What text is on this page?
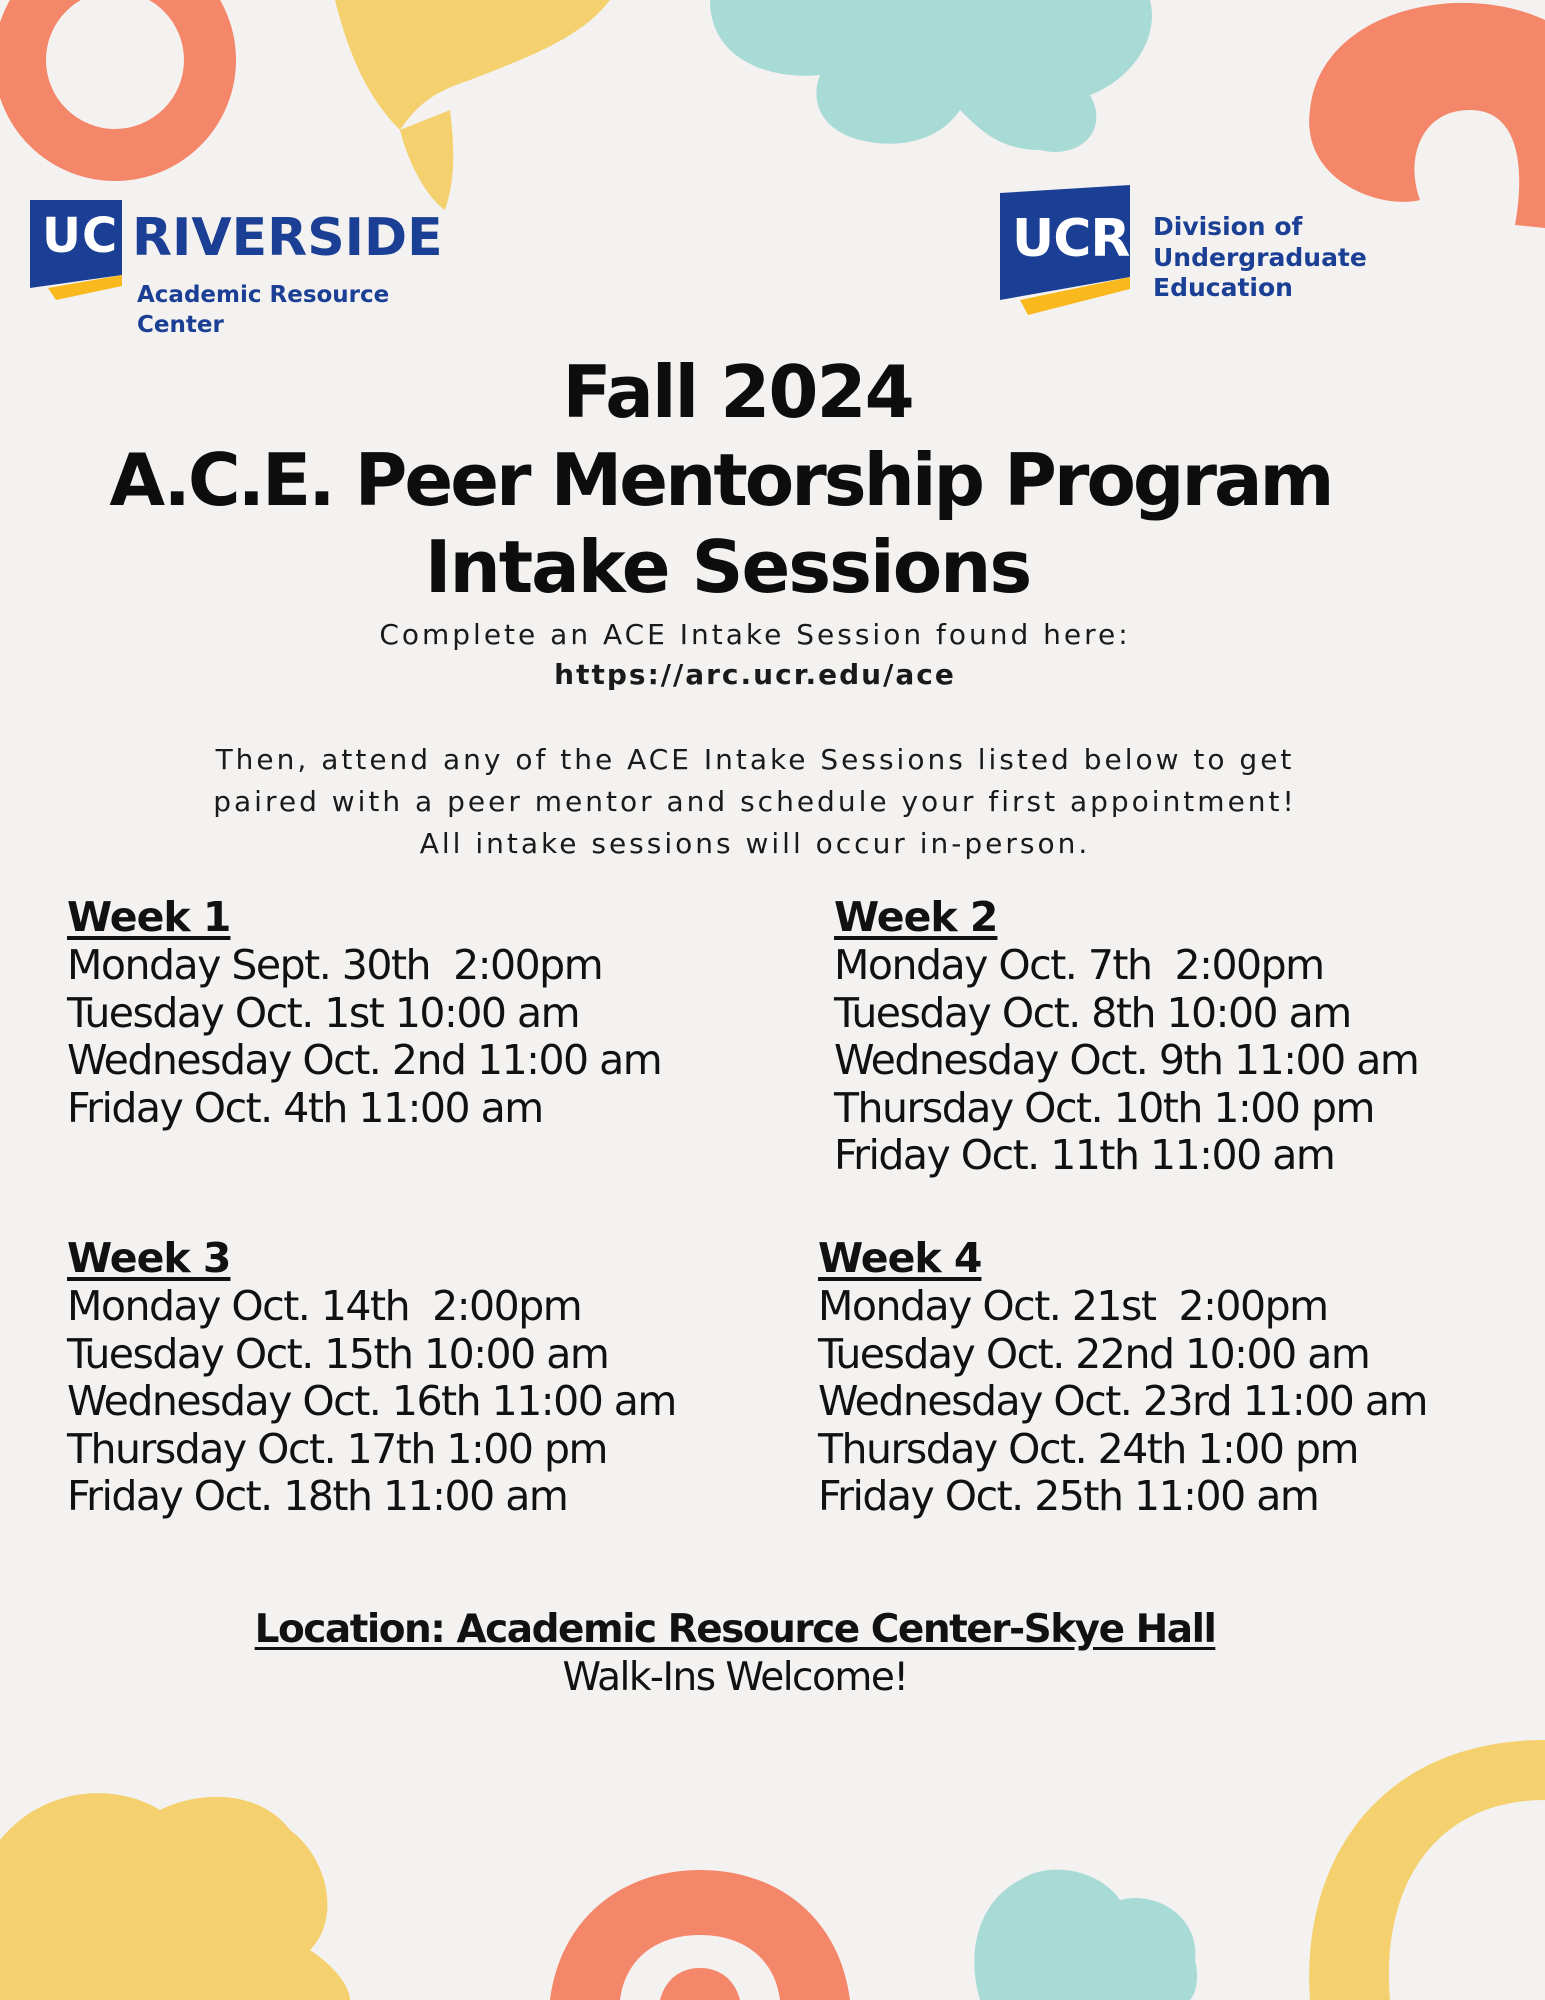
UC RIVERSIDE
Academic Resource Center
UCR Division of
Undergraduate Education
Fall 2024
A.C.E. Peer Mentorship Program
Intake Sessions
Complete an ACE Intake Session found here:
https://arc.ucr.edu/ace
Then, attend any of the ACE Intake Sessions listed below to get
paired with a peer mentor and schedule your first appointment!
All intake sessions will occur in-person.
Week 1
Monday Sept. 30th  2:00pm
Tuesday Oct. 1st 10:00 am
Wednesday Oct. 2nd 11:00 am
Friday Oct. 4th 11:00 am
Week 2
Monday Oct. 7th  2:00pm
Tuesday Oct. 8th 10:00 am
Wednesday Oct. 9th 11:00 am
Thursday Oct. 10th 1:00 pm
Friday Oct. 11th 11:00 am
Week 3
Monday Oct. 14th  2:00pm
Tuesday Oct. 15th 10:00 am
Wednesday Oct. 16th 11:00 am
Thursday Oct. 17th 1:00 pm
Friday Oct. 18th 11:00 am
Week 4
Monday Oct. 21st  2:00pm
Tuesday Oct. 22nd 10:00 am
Wednesday Oct. 23rd 11:00 am
Thursday Oct. 24th 1:00 pm
Friday Oct. 25th 11:00 am
Location: Academic Resource Center-Skye Hall
Walk-Ins Welcome!
